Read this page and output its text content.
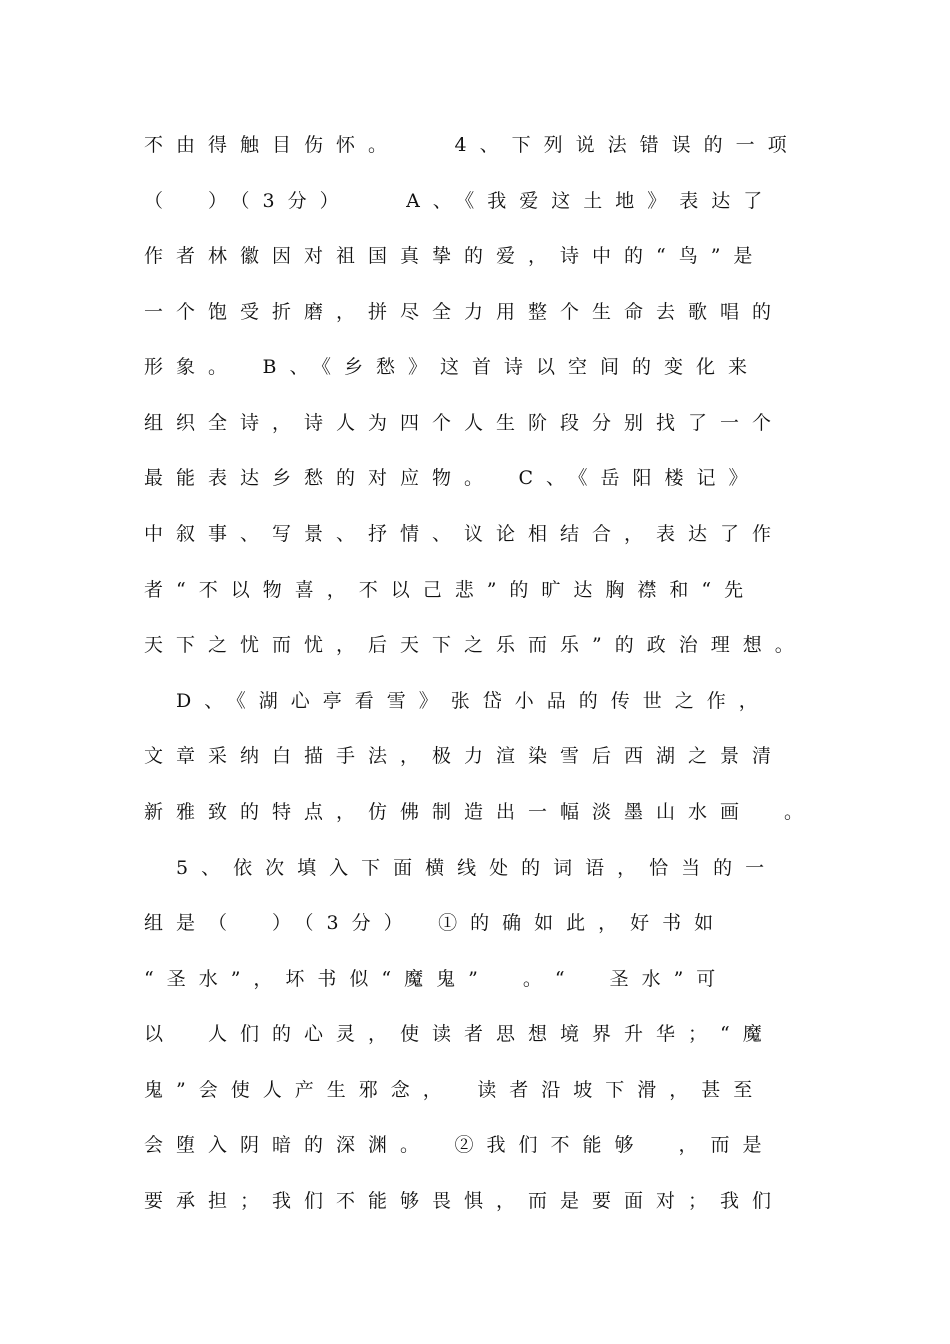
不由得触目伤怀。　　4、下列说法错误的一项
（　）（3分）　　A、《我爱这土地》表达了
作者林徽因对祖国真挚的爱，诗中的“鸟”是
一个饱受折磨，拼尽全力用整个生命去歌唱的
形象。　B、《乡愁》这首诗以空间的变化来
组织全诗，诗人为四个人生阶段分别找了一个
最能表达乡愁的对应物。　C、《岳阳楼记》
中叙事、写景、抒情、议论相结合，表达了作
者“不以物喜，不以己悲”的旷达胸襟和“先
天下之忧而忧，后天下之乐而乐”的政治理想。
　D、《湖心亭看雪》张岱小品的传世之作，
文章采纳白描手法，极力渲染雪后西湖之景清
新雅致的特点，仿佛制造出一幅淡墨山水画　。
　5、依次填入下面横线处的词语，恰当的一
组是（　）（3分）　①的确如此，好书如
“圣水”，坏书似“魔鬼”　。“　圣水”可
以　人们的心灵，使读者思想境界升华；“魔
鬼”会使人产生邪念，　读者沿坡下滑，甚至
会堕入阴暗的深渊。　②我们不能够　，而是
要承担；我们不能够畏惧，而是要面对；我们
